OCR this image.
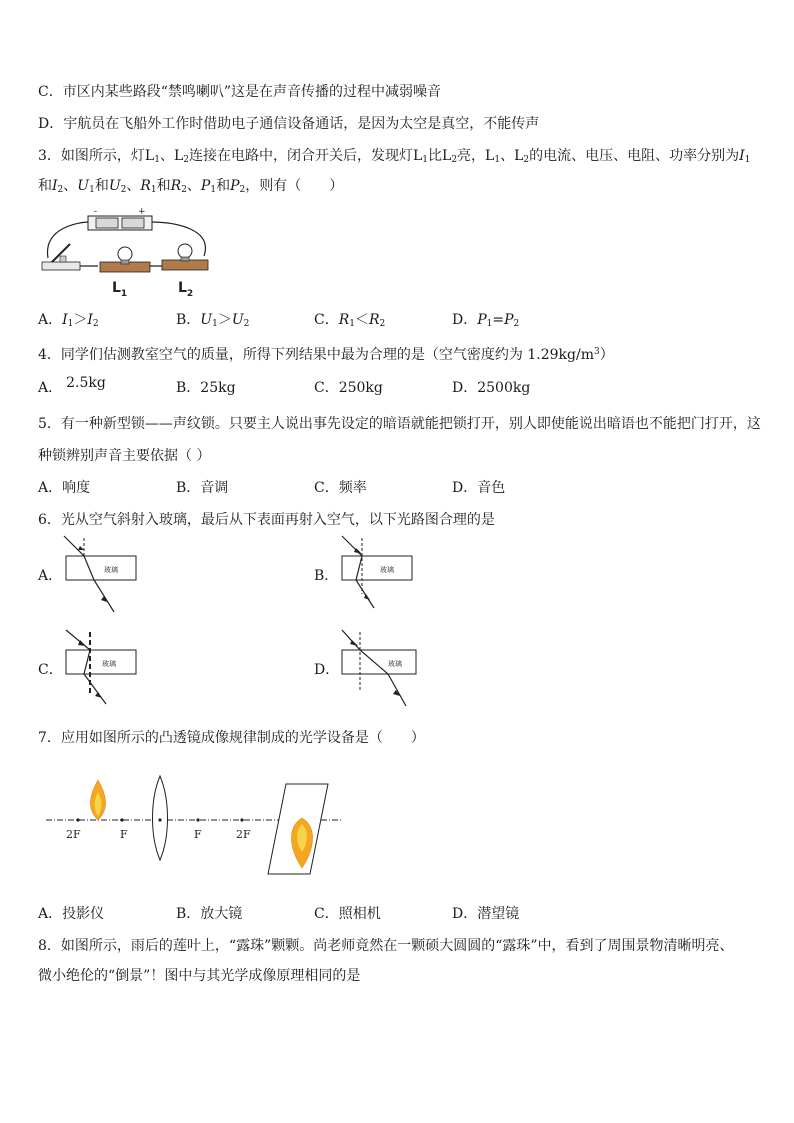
C．市区内某些路段“禁鸣喇叭”这是在声音传播的过程中减弱噪音
D．宇航员在飞船外工作时借助电子通信设备通话，是因为太空是真空，不能传声
3．如图所示，灯$L_1$、$L_2$连接在电路中，闭合开关后，发现灯$L_1$比$L_2$亮，$L_1$、$L_2$的电流、电压、电阻、功率分别为$I_1$
和$I_2$、$U_1$和$U_2$、$R_1$和$R_2$、$P_1$和$P_2$，则有（　　）
-	+
$L_1$	$L_2$
A．$I_1>I_2$	B．$U_1>U_2$	C．$R_1<R_2$	D．$P_1=P_2$
4．同学们估测教室空气的质量，所得下列结果中最为合理的是（空气密度约为 $1.29kg/m^3$）
A． 2.5kg	B．25kg	C．250kg	D．2500kg
5．有一种新型锁——声纹锁。只要主人说出事先设定的暗语就能把锁打开，别人即使能说出暗语也不能把门打开，这
种锁辨别声音主要依据（ ）
A．响度	B．音调	C．频率	D．音色
6．光从空气斜射入玻璃，最后从下表面再射入空气，以下光路图合理的是
A．	玻璃	B．	玻璃
C．	玻璃	D．	玻璃
7．应用如图所示的凸透镜成像规律制成的光学设备是（　　）
2F	F	F	2F
A．投影仪	B．放大镜	C．照相机	D．潜望镜
8．如图所示，雨后的莲叶上，“露珠”颗颗。尚老师竟然在一颗硕大圆圆的“露珠”中，看到了周围景物清晰明亮、
微小绝伦的“倒景”！图中与其光学成像原理相同的是
